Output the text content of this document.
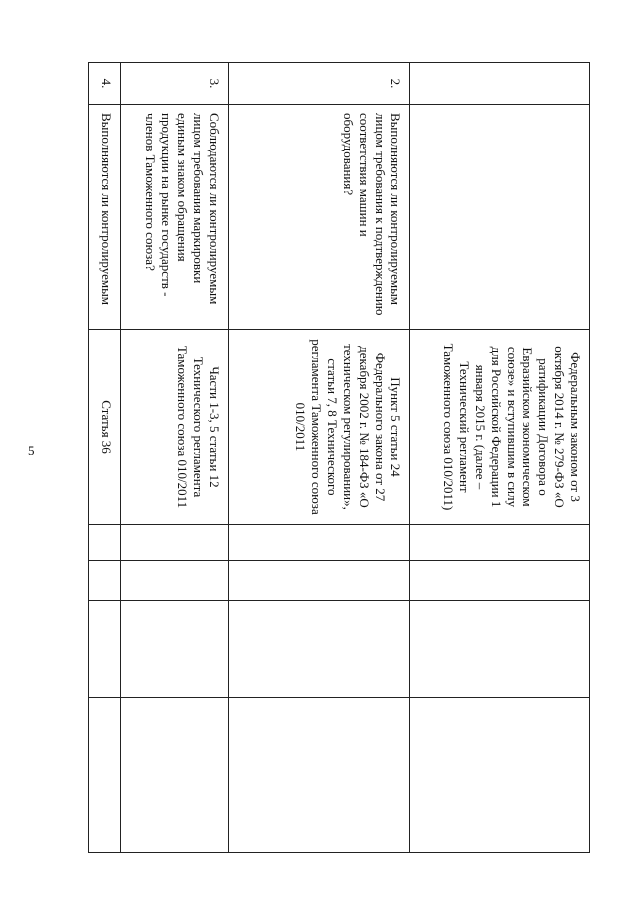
5
			Федеральным законом от 3 октября 2014 г. № 279-ФЗ «О ратификации Договора о Евразийском экономическом союзе» и вступившим в силу для Российской Федерации 1 января 2015 г. (далее – Технический регламент Таможенного союза 010/2011)				
2.	Выполняются ли контролируемым лицом требования к подтверждению соответствия машин и оборудования?	Пункт 5 статьи 24 Федерального закона от 27 декабря 2002 г. № 184-ФЗ «О техническом регулировании», статьи 7, 8 Технического регламента Таможенного союза 010/2011				
3.	Соблюдаются ли контролируемым лицом требования маркировки единым знаком обращения продукции на рынке государств - членов Таможенного союза?	Части 1-3, 5 статьи 12 Технического регламента Таможенного союза 010/2011				
4.	Выполняются ли контролируемым	Статья 36				
